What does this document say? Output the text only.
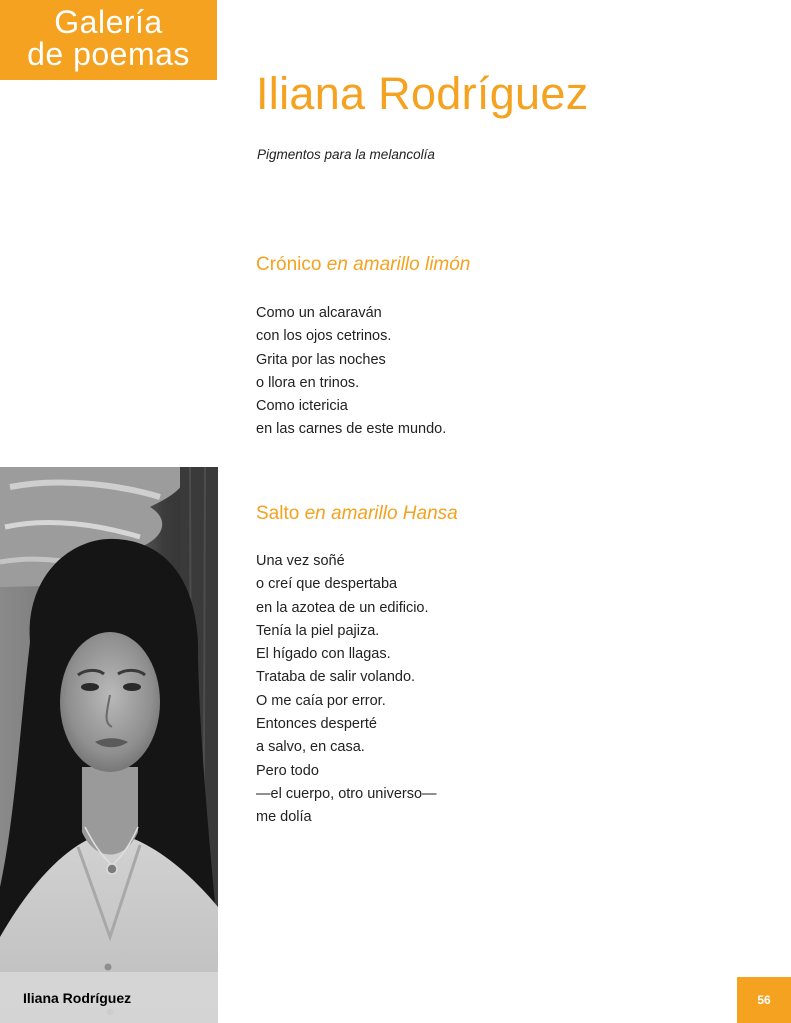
Galería
de poemas
Iliana Rodríguez
Pigmentos para la melancolía
Crónico en amarillo limón
Como un alcaraván
con los ojos cetrinos.
Grita por las noches
o llora en trinos.
Como ictericia
en las carnes de este mundo.
Salto en amarillo Hansa
Una vez soñé
o creí que despertaba
en la azotea de un edificio.
Tenía la piel pajiza.
El hígado con llagas.
Trataba de salir volando.
O me caía por error.
Entonces desperté
a salvo, en casa.
Pero todo
—el cuerpo, otro universo—
me dolía
Iliana Rodríguez	56
